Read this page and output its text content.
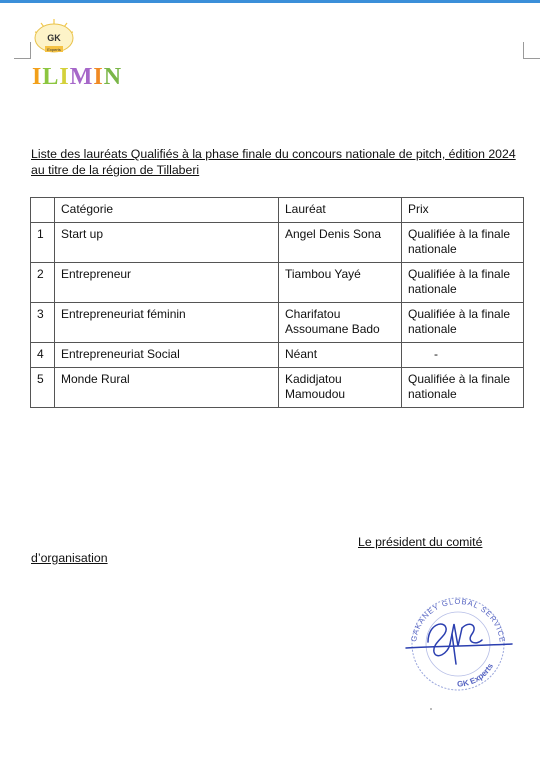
GK
Experts
ILIMIN
Liste des lauréats Qualifiés à la phase finale du concours nationale de pitch, édition 2024 au titre de la région de Tillaberi
	Catégorie	Lauréat	Prix
1	Start up	Angel Denis Sona	Qualifiée à la finale nationale
2	Entrepreneur	Tiambou Yayé	Qualifiée à la finale nationale
3	Entrepreneuriat féminin	Charifatou Assoumane Bado	Qualifiée à la finale nationale
4	Entrepreneuriat Social	Néant	-
5	Monde Rural	Kadidjatou Mamoudou	Qualifiée à la finale nationale
Le président du comité
d’organisation
GAKANEY GLOBAL SERVICE
GK Experts
